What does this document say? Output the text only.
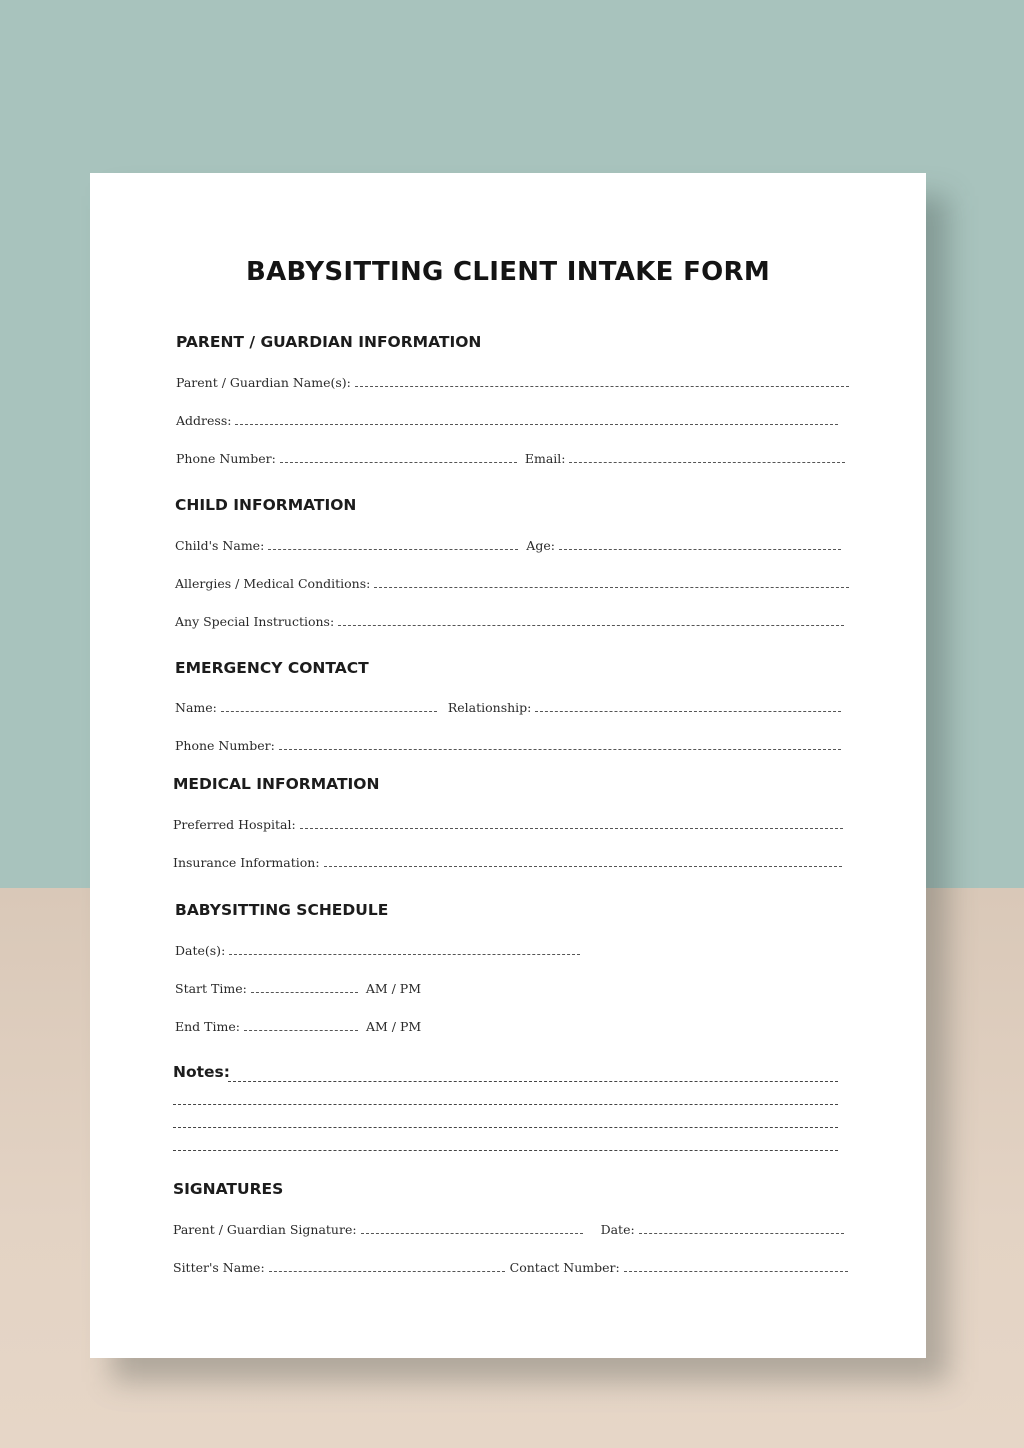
BABYSITTING CLIENT INTAKE FORM
PARENT / GUARDIAN INFORMATION
Parent / Guardian Name(s):
Address:
Phone Number:	Email:
CHILD INFORMATION
Child's Name:	Age:
Allergies / Medical Conditions:
Any Special Instructions:
EMERGENCY CONTACT
Name:	Relationship:
Phone Number:
MEDICAL INFORMATION
Preferred Hospital:
Insurance Information:
BABYSITTING SCHEDULE
Date(s):
Start Time:	AM / PM
End Time:	AM / PM
Notes:
SIGNATURES
Parent / Guardian Signature:	Date:
Sitter's Name:	Contact Number:
